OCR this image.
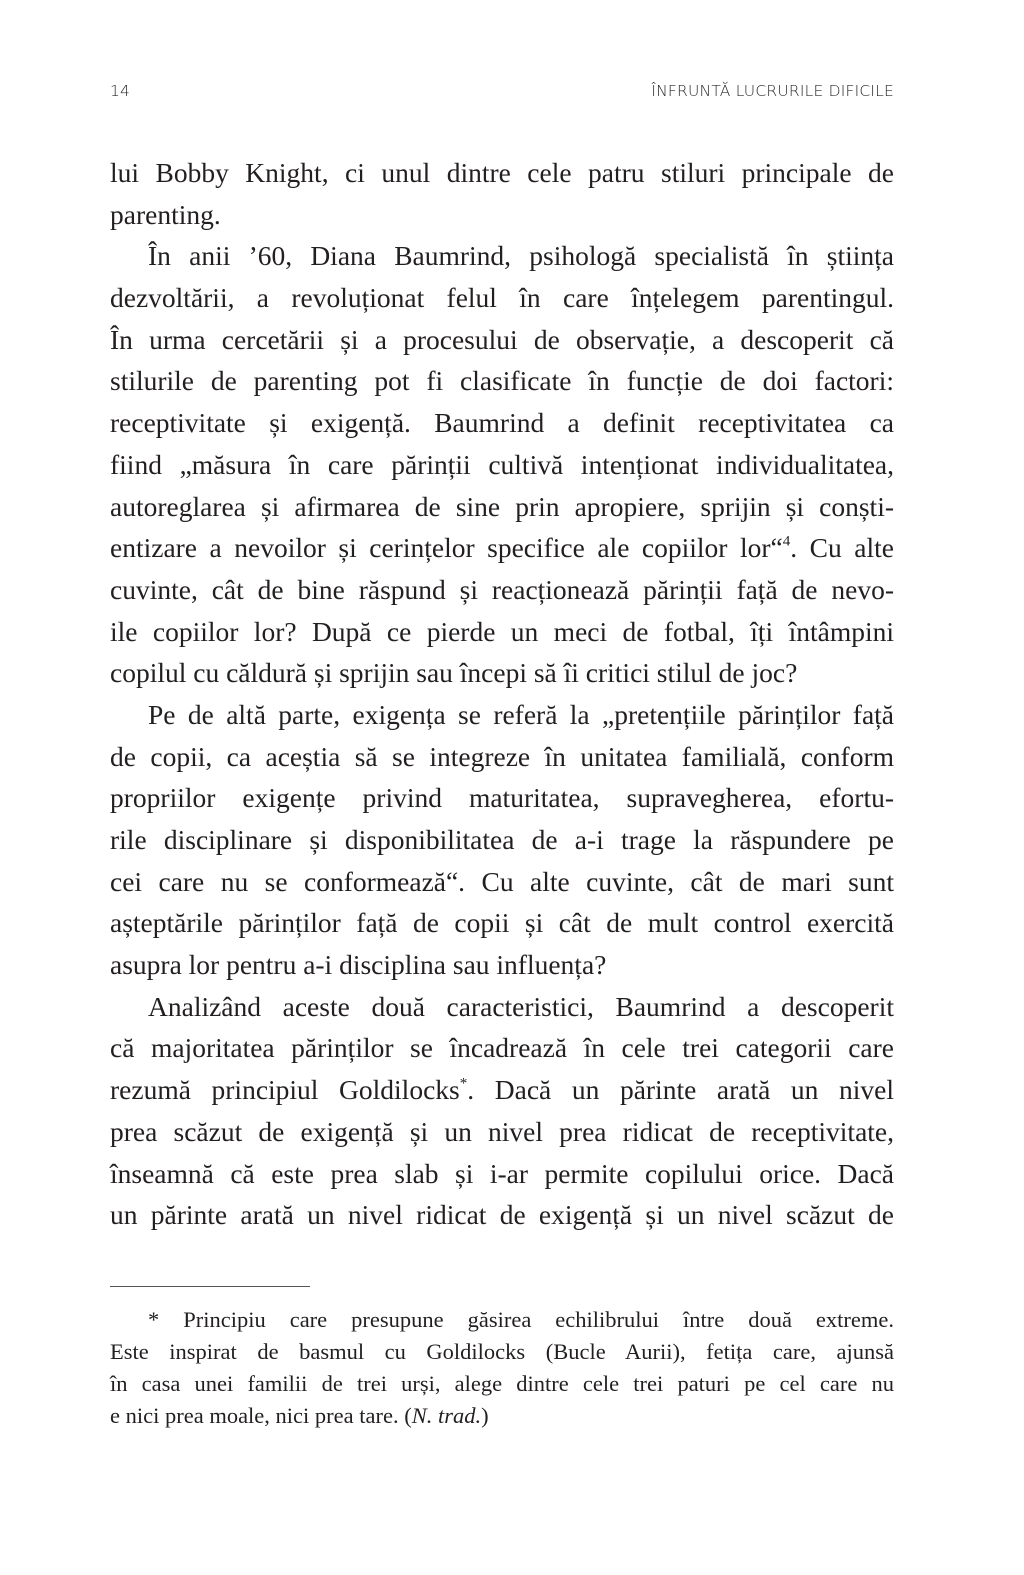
14	ÎNFRUNTĂ LUCRURILE DIFICILE
lui Bobby Knight, ci unul dintre cele patru stiluri principale de
parenting.
În anii ’60, Diana Baumrind, psihologă specialistă în știința
dezvoltării, a revoluționat felul în care înțelegem parentingul.
În urma cercetării și a procesului de observație, a descoperit că
stilurile de parenting pot fi clasificate în funcție de doi factori:
receptivitate și exigență. Baumrind a definit receptivitatea ca
fiind „măsura în care părinții cultivă intenționat individualitatea,
autoreglarea și afirmarea de sine prin apropiere, sprijin și conști-
entizare a nevoilor și cerințelor specifice ale copiilor lor“$^4$. Cu alte
cuvinte, cât de bine răspund și reacționează părinții față de nevo-
ile copiilor lor? După ce pierde un meci de fotbal, îți întâmpini
copilul cu căldură și sprijin sau începi să îi critici stilul de joc?
Pe de altă parte, exigența se referă la „pretențiile părinților față
de copii, ca aceștia să se integreze în unitatea familială, conform
propriilor exigențe privind maturitatea, supravegherea, efortu-
rile disciplinare și disponibilitatea de a-i trage la răspundere pe
cei care nu se conformează“. Cu alte cuvinte, cât de mari sunt
așteptările părinților față de copii și cât de mult control exercită
asupra lor pentru a-i disciplina sau influența?
Analizând aceste două caracteristici, Baumrind a descoperit
că majoritatea părinților se încadrează în cele trei categorii care
rezumă principiul Goldilocks*. Dacă un părinte arată un nivel
prea scăzut de exigență și un nivel prea ridicat de receptivitate,
înseamnă că este prea slab și i-ar permite copilului orice. Dacă
un părinte arată un nivel ridicat de exigență și un nivel scăzut de
* Principiu care presupune găsirea echilibrului între două extreme.
Este inspirat de basmul cu Goldilocks (Bucle Aurii), fetița care, ajunsă
în casa unei familii de trei urși, alege dintre cele trei paturi pe cel care nu
e nici prea moale, nici prea tare. (N. trad.)
